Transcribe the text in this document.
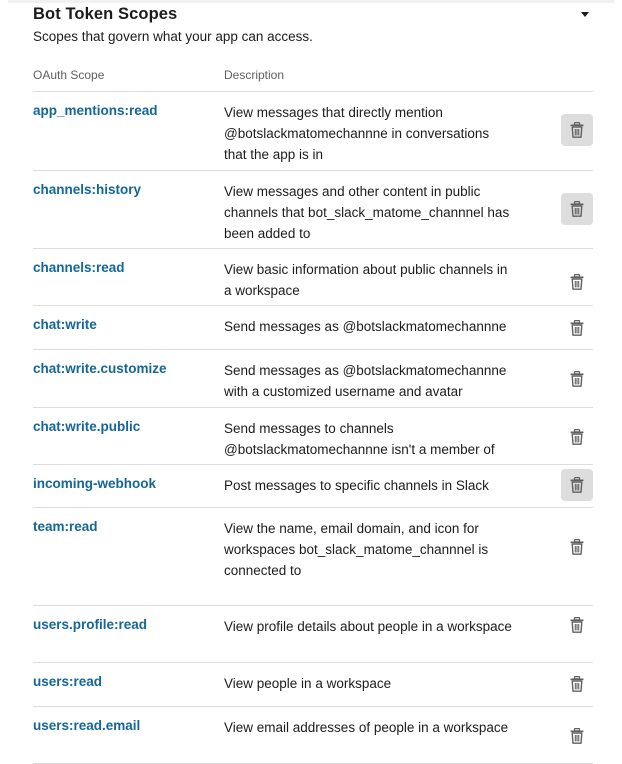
Bot Token Scopes
Scopes that govern what your app can access.
OAuth Scope	Description
app_mentions:read	View messages that directly mention @botslackmatomechannne in conversations that the app is in
channels:history	View messages and other content in public channels that bot_slack_matome_channnel has been added to
channels:read	View basic information about public channels in a workspace
chat:write	Send messages as @botslackmatomechannne
chat:write.customize	Send messages as @botslackmatomechannne with a customized username and avatar
chat:write.public	Send messages to channels @botslackmatomechannne isn't a member of
incoming-webhook	Post messages to specific channels in Slack
team:read	View the name, email domain, and icon for workspaces bot_slack_matome_channnel is connected to
users.profile:read	View profile details about people in a workspace
users:read	View people in a workspace
users:read.email	View email addresses of people in a workspace
